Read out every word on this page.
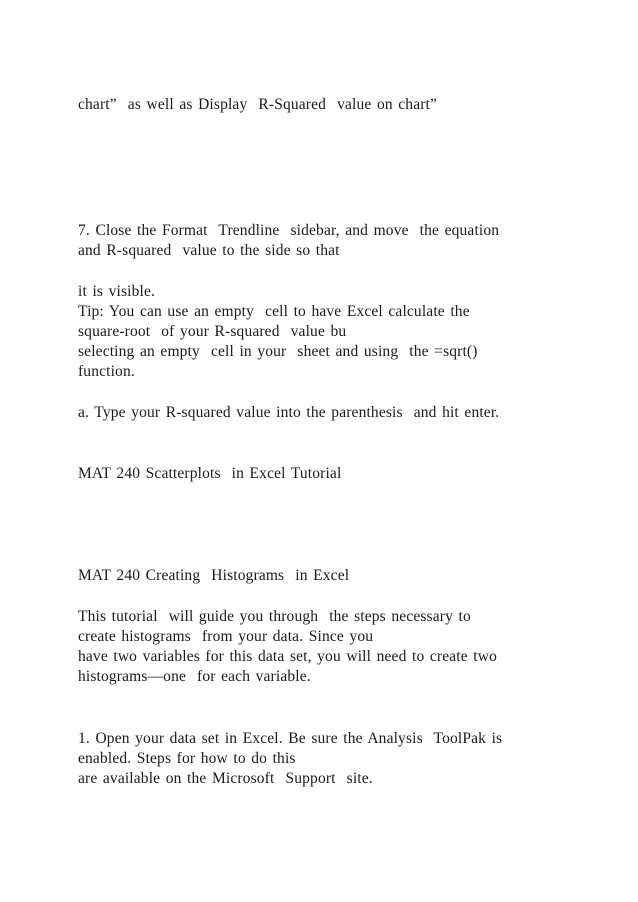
chart”  as well as Display  R-Squared  value on chart”

7. Close the Format  Trendline  sidebar, and move  the equation

and R-squared  value to the side so that

it is visible.

Tip: You can use an empty  cell to have Excel calculate the

square-root  of your R-squared  value bu

selecting an empty  cell in your  sheet and using  the =sqrt()

function.

a. Type your R-squared value into the parenthesis  and hit enter.

MAT 240 Scatterplots  in Excel Tutorial

MAT 240 Creating  Histograms  in Excel

This tutorial  will guide you through  the steps necessary to

create histograms  from your data. Since you

have two variables for this data set, you will need to create two

histograms—one  for each variable.

1. Open your data set in Excel. Be sure the Analysis  ToolPak is

enabled. Steps for how to do this

are available on the Microsoft  Support  site.
